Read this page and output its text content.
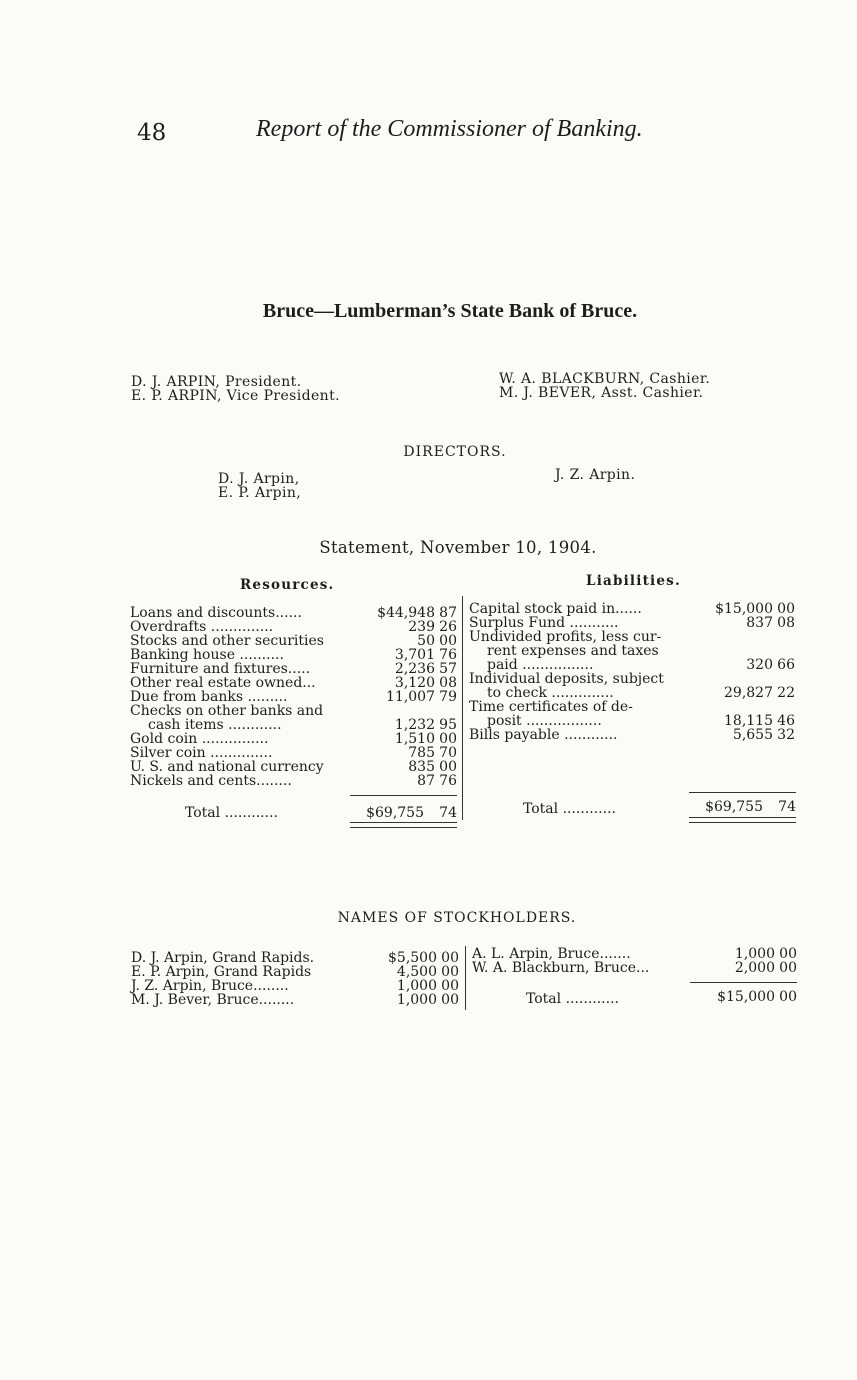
48	Report of the Commissioner of Banking.
Bruce—Lumberman’s State Bank of Bruce.
D. J. ARPIN, President.
E. P. ARPIN, Vice President.
W. A. BLACKBURN, Cashier.
M. J. BEVER, Asst. Cashier.
DIRECTORS.
D. J. Arpin,
E. P. Arpin,
J. Z. Arpin.
Statement, November 10, 1904.
Resources.	Liabilities.
Loans and discounts......	$44,948 87
Overdrafts ..............	239 26
Stocks and other securities	50 00
Banking house ..........	3,701 76
Furniture and fixtures.....	2,236 57
Other real estate owned...	3,120 08
Due from banks .........	11,007 79
Checks on other banks and
cash items ............	1,232 95
Gold coin ...............	1,510 00
Silver coin ..............	785 70
U. S. and national currency	835 00
Nickels and cents........	87 76
Total ............	$69,755 74
Capital stock paid in......	$15,000 00
Surplus Fund ...........	837 08
Undivided profits, less cur-
rent expenses and taxes
paid ................	320 66
Individual deposits, subject
to check ..............	29,827 22
Time certificates of de-
posit .................	18,115 46
Bills payable ............	5,655 32
Total ............	$69,755 74
NAMES OF STOCKHOLDERS.
D. J. Arpin, Grand Rapids.	$5,500 00
E. P. Arpin, Grand Rapids	4,500 00
J. Z. Arpin, Bruce........	1,000 00
M. J. Bever, Bruce........	1,000 00
A. L. Arpin, Bruce.......	1,000 00
W. A. Blackburn, Bruce...	2,000 00
Total ............	$15,000 00
